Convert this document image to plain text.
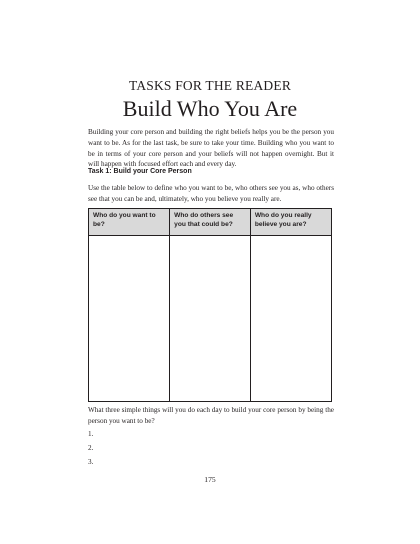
TASKS FOR THE READER
Build Who You Are
Building your core person and building the right beliefs helps you be the person you want to be. As for the last task, be sure to take your time. Building who you want to be in terms of your core person and your beliefs will not happen overnight. But it will happen with focused effort each and every day.
Task 1: Build your Core Person
Use the table below to define who you want to be, who others see you as, who others see that you can be and, ultimately, who you believe you really are.
Who do you want to be?	Who do others see you that could be?	Who do you really believe you are?

What three simple things will you do each day to build your core person by being the person you want to be?
1.
2.
3.
175
